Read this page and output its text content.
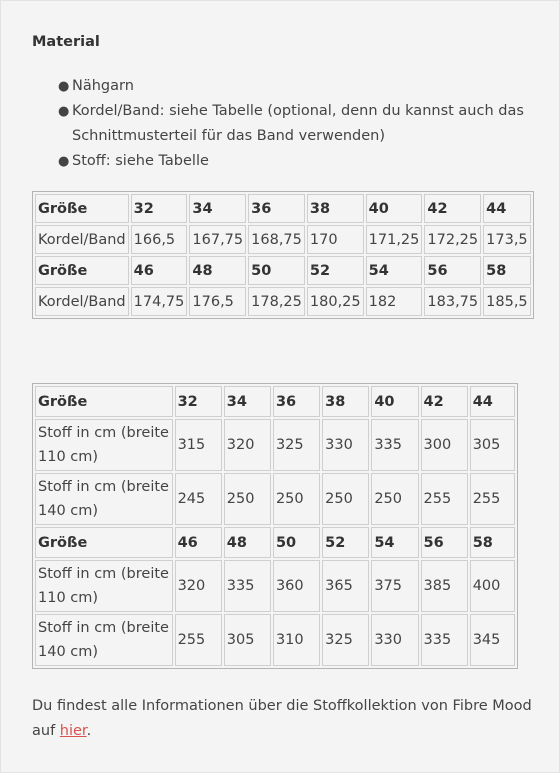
Material
● Nähgarn
● Kordel/Band: siehe Tabelle (optional, denn du kannst auch das Schnittmusterteil für das Band verwenden)
● Stoff: siehe Tabelle
Größe	32	34	36	38	40	42	44
Kordel/Band	166,5	167,75	168,75	170	171,25	172,25	173,5
Größe	46	48	50	52	54	56	58
Kordel/Band	174,75	176,5	178,25	180,25	182	183,75	185,5
Größe	32	34	36	38	40	42	44
Stoff in cm (breite 110 cm)	315	320	325	330	335	300	305
Stoff in cm (breite 140 cm)	245	250	250	250	250	255	255
Größe	46	48	50	52	54	56	58
Stoff in cm (breite 110 cm)	320	335	360	365	375	385	400
Stoff in cm (breite 140 cm)	255	305	310	325	330	335	345

Du findest alle Informationen über die Stoffkollektion von Fibre Mood auf hier.
